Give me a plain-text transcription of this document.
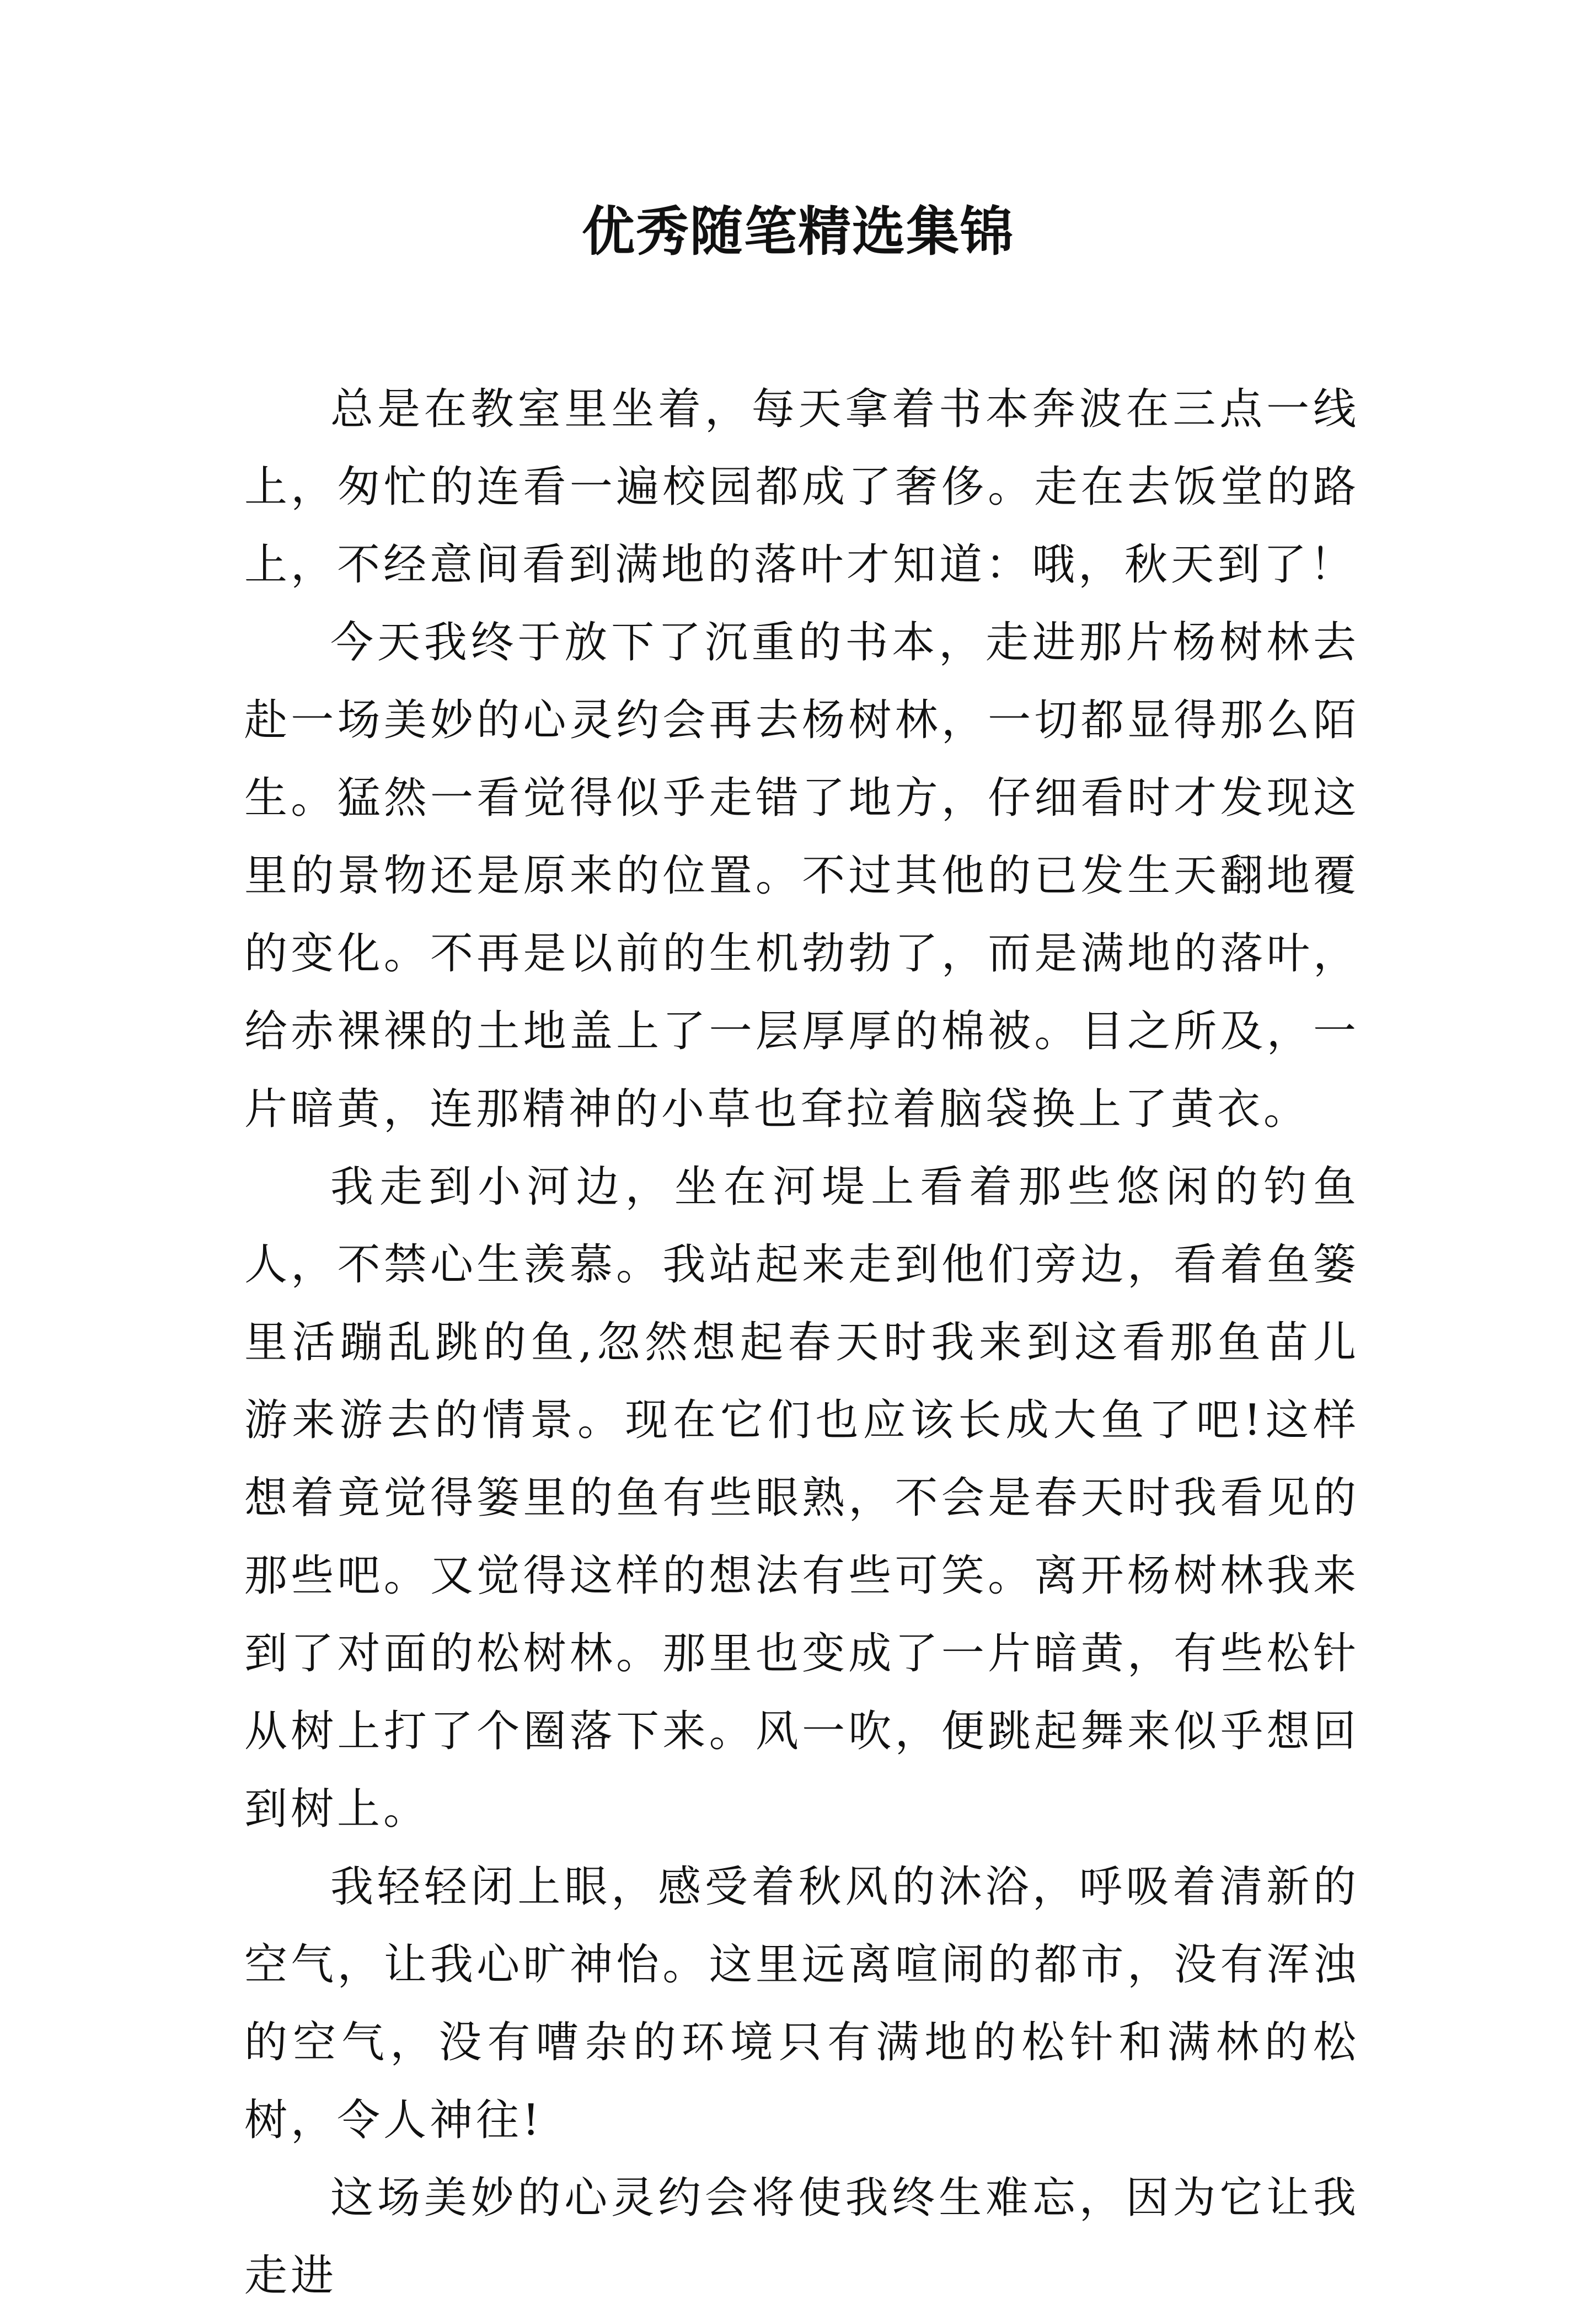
优秀随笔精选集锦

总是在教室里坐着，每天拿着书本奔波在三点一线上，匆忙的连看一遍校园都成了奢侈。走在去饭堂的路上，不经意间看到满地的落叶才知道：哦，秋天到了！

今天我终于放下了沉重的书本，走进那片杨树林去赴一场美妙的心灵约会再去杨树林，一切都显得那么陌生。猛然一看觉得似乎走错了地方，仔细看时才发现这里的景物还是原来的位置。不过其他的已发生天翻地覆的变化。不再是以前的生机勃勃了，而是满地的落叶，给赤裸裸的土地盖上了一层厚厚的棉被。目之所及，一片暗黄，连那精神的小草也耷拉着脑袋换上了黄衣。

我走到小河边，坐在河堤上看着那些悠闲的钓鱼人，不禁心生羡慕。我站起来走到他们旁边，看着鱼篓里活蹦乱跳的鱼,忽然想起春天时我来到这看那鱼苗儿游来游去的情景。现在它们也应该长成大鱼了吧!这样想着竟觉得篓里的鱼有些眼熟，不会是春天时我看见的那些吧。又觉得这样的想法有些可笑。离开杨树林我来到了对面的松树林。那里也变成了一片暗黄，有些松针从树上打了个圈落下来。风一吹，便跳起舞来似乎想回到树上。

我轻轻闭上眼，感受着秋风的沐浴，呼吸着清新的空气，让我心旷神怡。这里远离喧闹的都市，没有浑浊的空气，没有嘈杂的环境只有满地的松针和满林的松树，令人神往!

这场美妙的心灵约会将使我终生难忘，因为它让我走进
